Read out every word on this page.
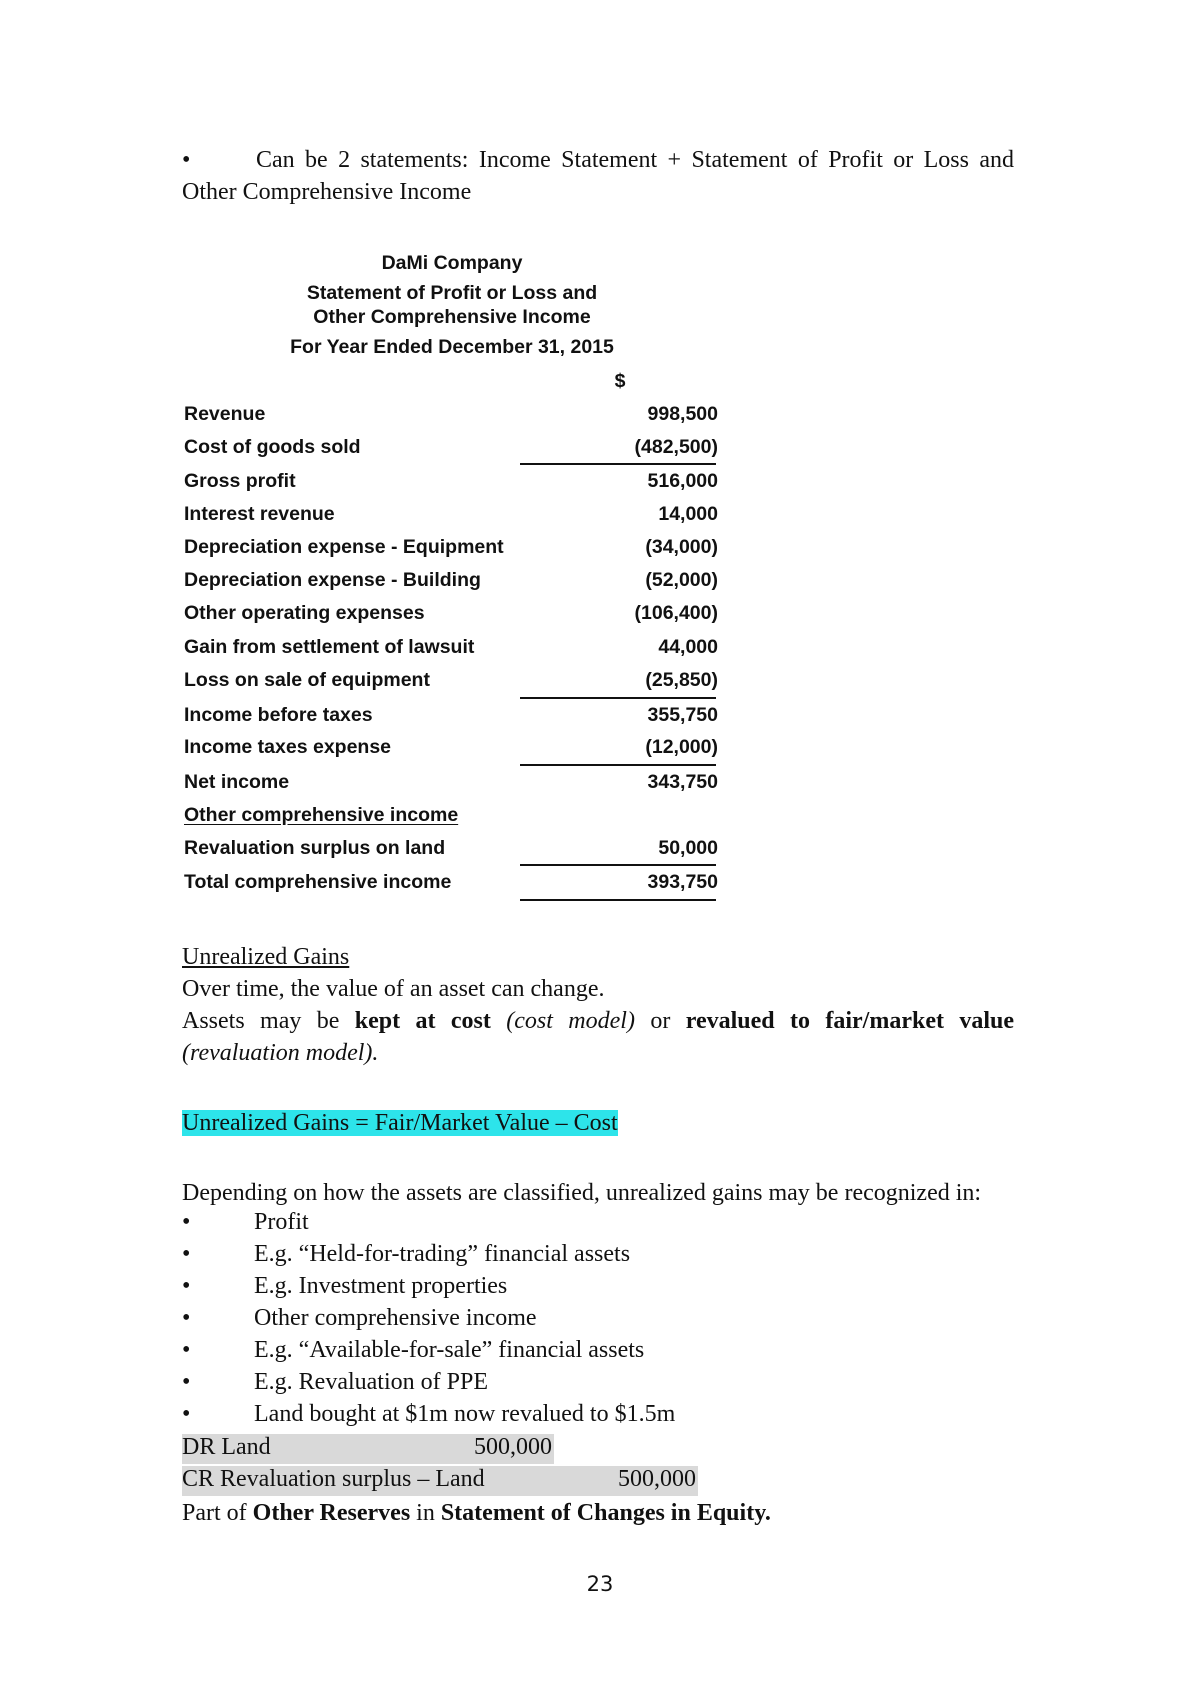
•	Can be 2 statements: Income Statement + Statement of Profit or Loss and Other Comprehensive Income
DaMi Company
Statement of Profit or Loss and
Other Comprehensive Income
For Year Ended December 31, 2015
$
Revenue	998,500
Cost of goods sold	(482,500)
Gross profit	516,000
Interest revenue	14,000
Depreciation expense - Equipment	(34,000)
Depreciation expense - Building	(52,000)
Other operating expenses	(106,400)
Gain from settlement of lawsuit	44,000
Loss on sale of equipment	(25,850)
Income before taxes	355,750
Income taxes expense	(12,000)
Net income	343,750
Other comprehensive income
Revaluation surplus on land	50,000
Total comprehensive income	393,750
Unrealized Gains
Over time, the value of an asset can change.
Assets may be kept at cost (cost model) or revalued to fair/market value (revaluation model).
Unrealized Gains = Fair/Market Value – Cost
Depending on how the assets are classified, unrealized gains may be recognized in:
•	Profit
•	E.g. “Held-for-trading” financial assets
•	E.g. Investment properties
•	Other comprehensive income
•	E.g. “Available-for-sale” financial assets
•	E.g. Revaluation of PPE
•	Land bought at $1m now revalued to $1.5m
DR Land	500,000
CR Revaluation surplus – Land	500,000
Part of Other Reserves in Statement of Changes in Equity.
23
